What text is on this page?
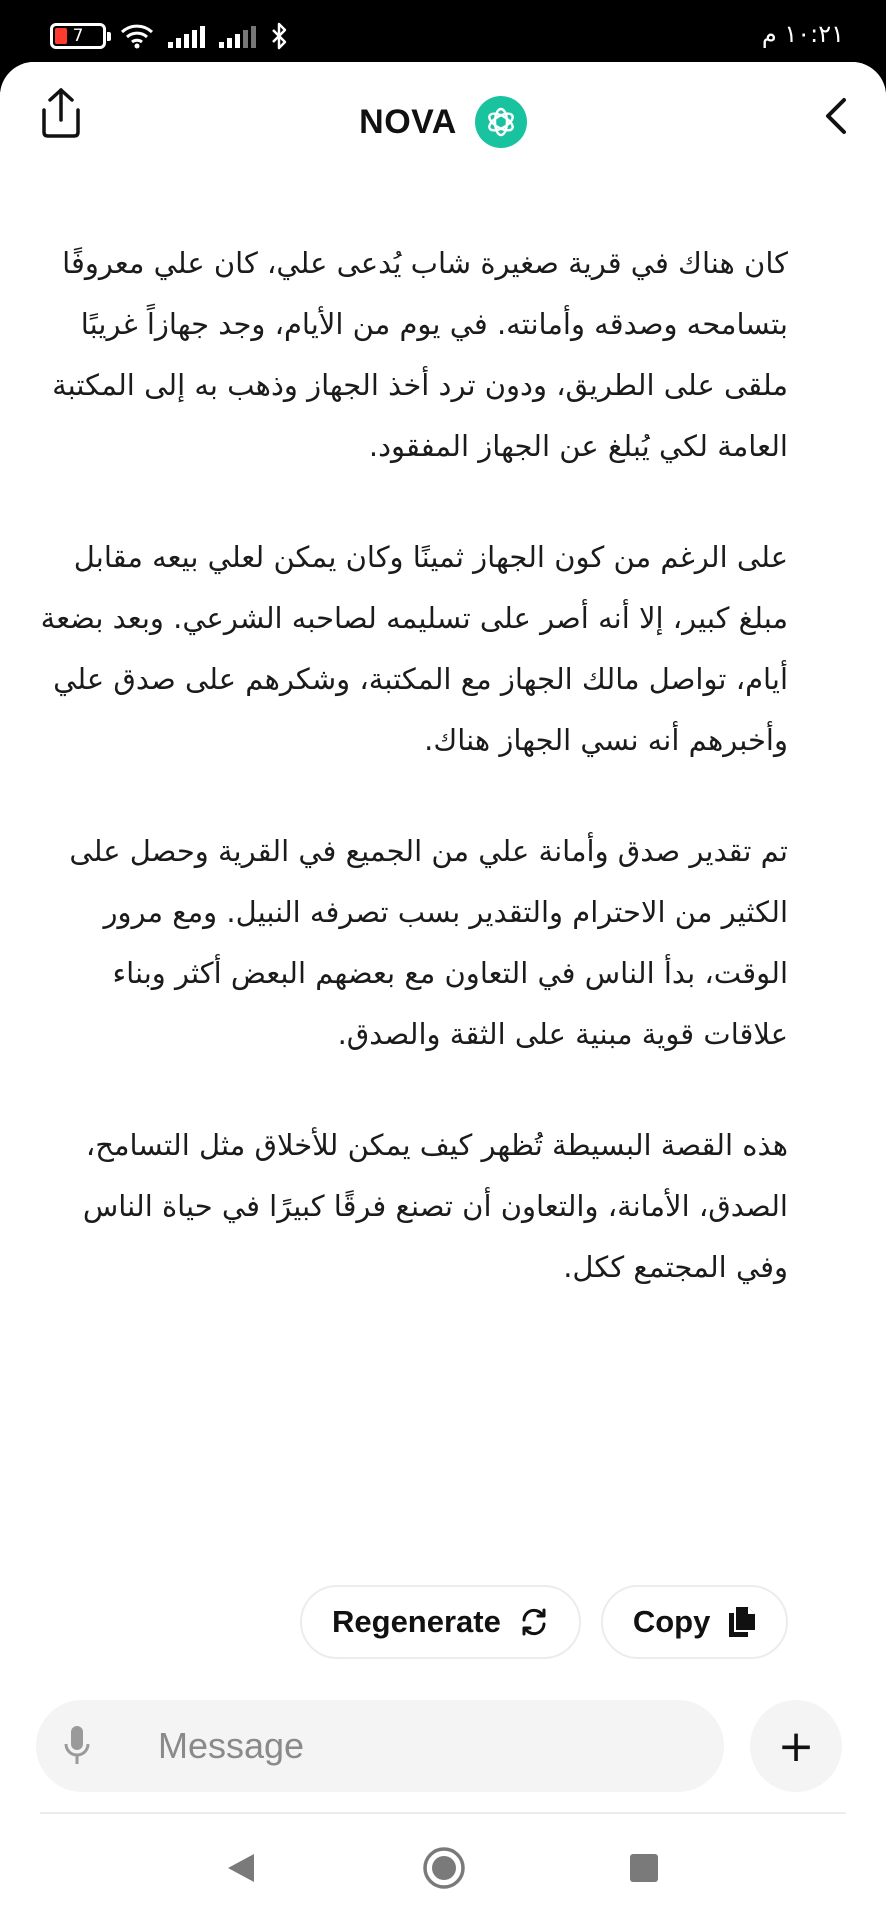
7	١٠:٢١ م
NOVA

كان هناك في قرية صغيرة شاب يُدعى علي، كان علي معروفًا بتسامحه وصدقه وأمانته. في يوم من الأيام، وجد جهازاً غريبًا ملقى على الطريق، ودون ترد أخذ الجهاز وذهب به إلى المكتبة العامة لكي يُبلغ عن الجهاز المفقود.

على الرغم من كون الجهاز ثمينًا وكان يمكن لعلي بيعه مقابل مبلغ كبير، إلا أنه أصر على تسليمه لصاحبه الشرعي. وبعد بضعة أيام، تواصل مالك الجهاز مع المكتبة، وشكرهم على صدق علي وأخبرهم أنه نسي الجهاز هناك.

تم تقدير صدق وأمانة علي من الجميع في القرية وحصل على الكثير من الاحترام والتقدير بسب تصرفه النبيل. ومع مرور الوقت، بدأ الناس في التعاون مع بعضهم البعض أكثر وبناء علاقات قوية مبنية على الثقة والصدق.

هذه القصة البسيطة تُظهر كيف يمكن للأخلاق مثل التسامح، الصدق، الأمانة، والتعاون أن تصنع فرقًا كبيرًا في حياة الناس وفي المجتمع ككل.

Regenerate	Copy
Message
+
